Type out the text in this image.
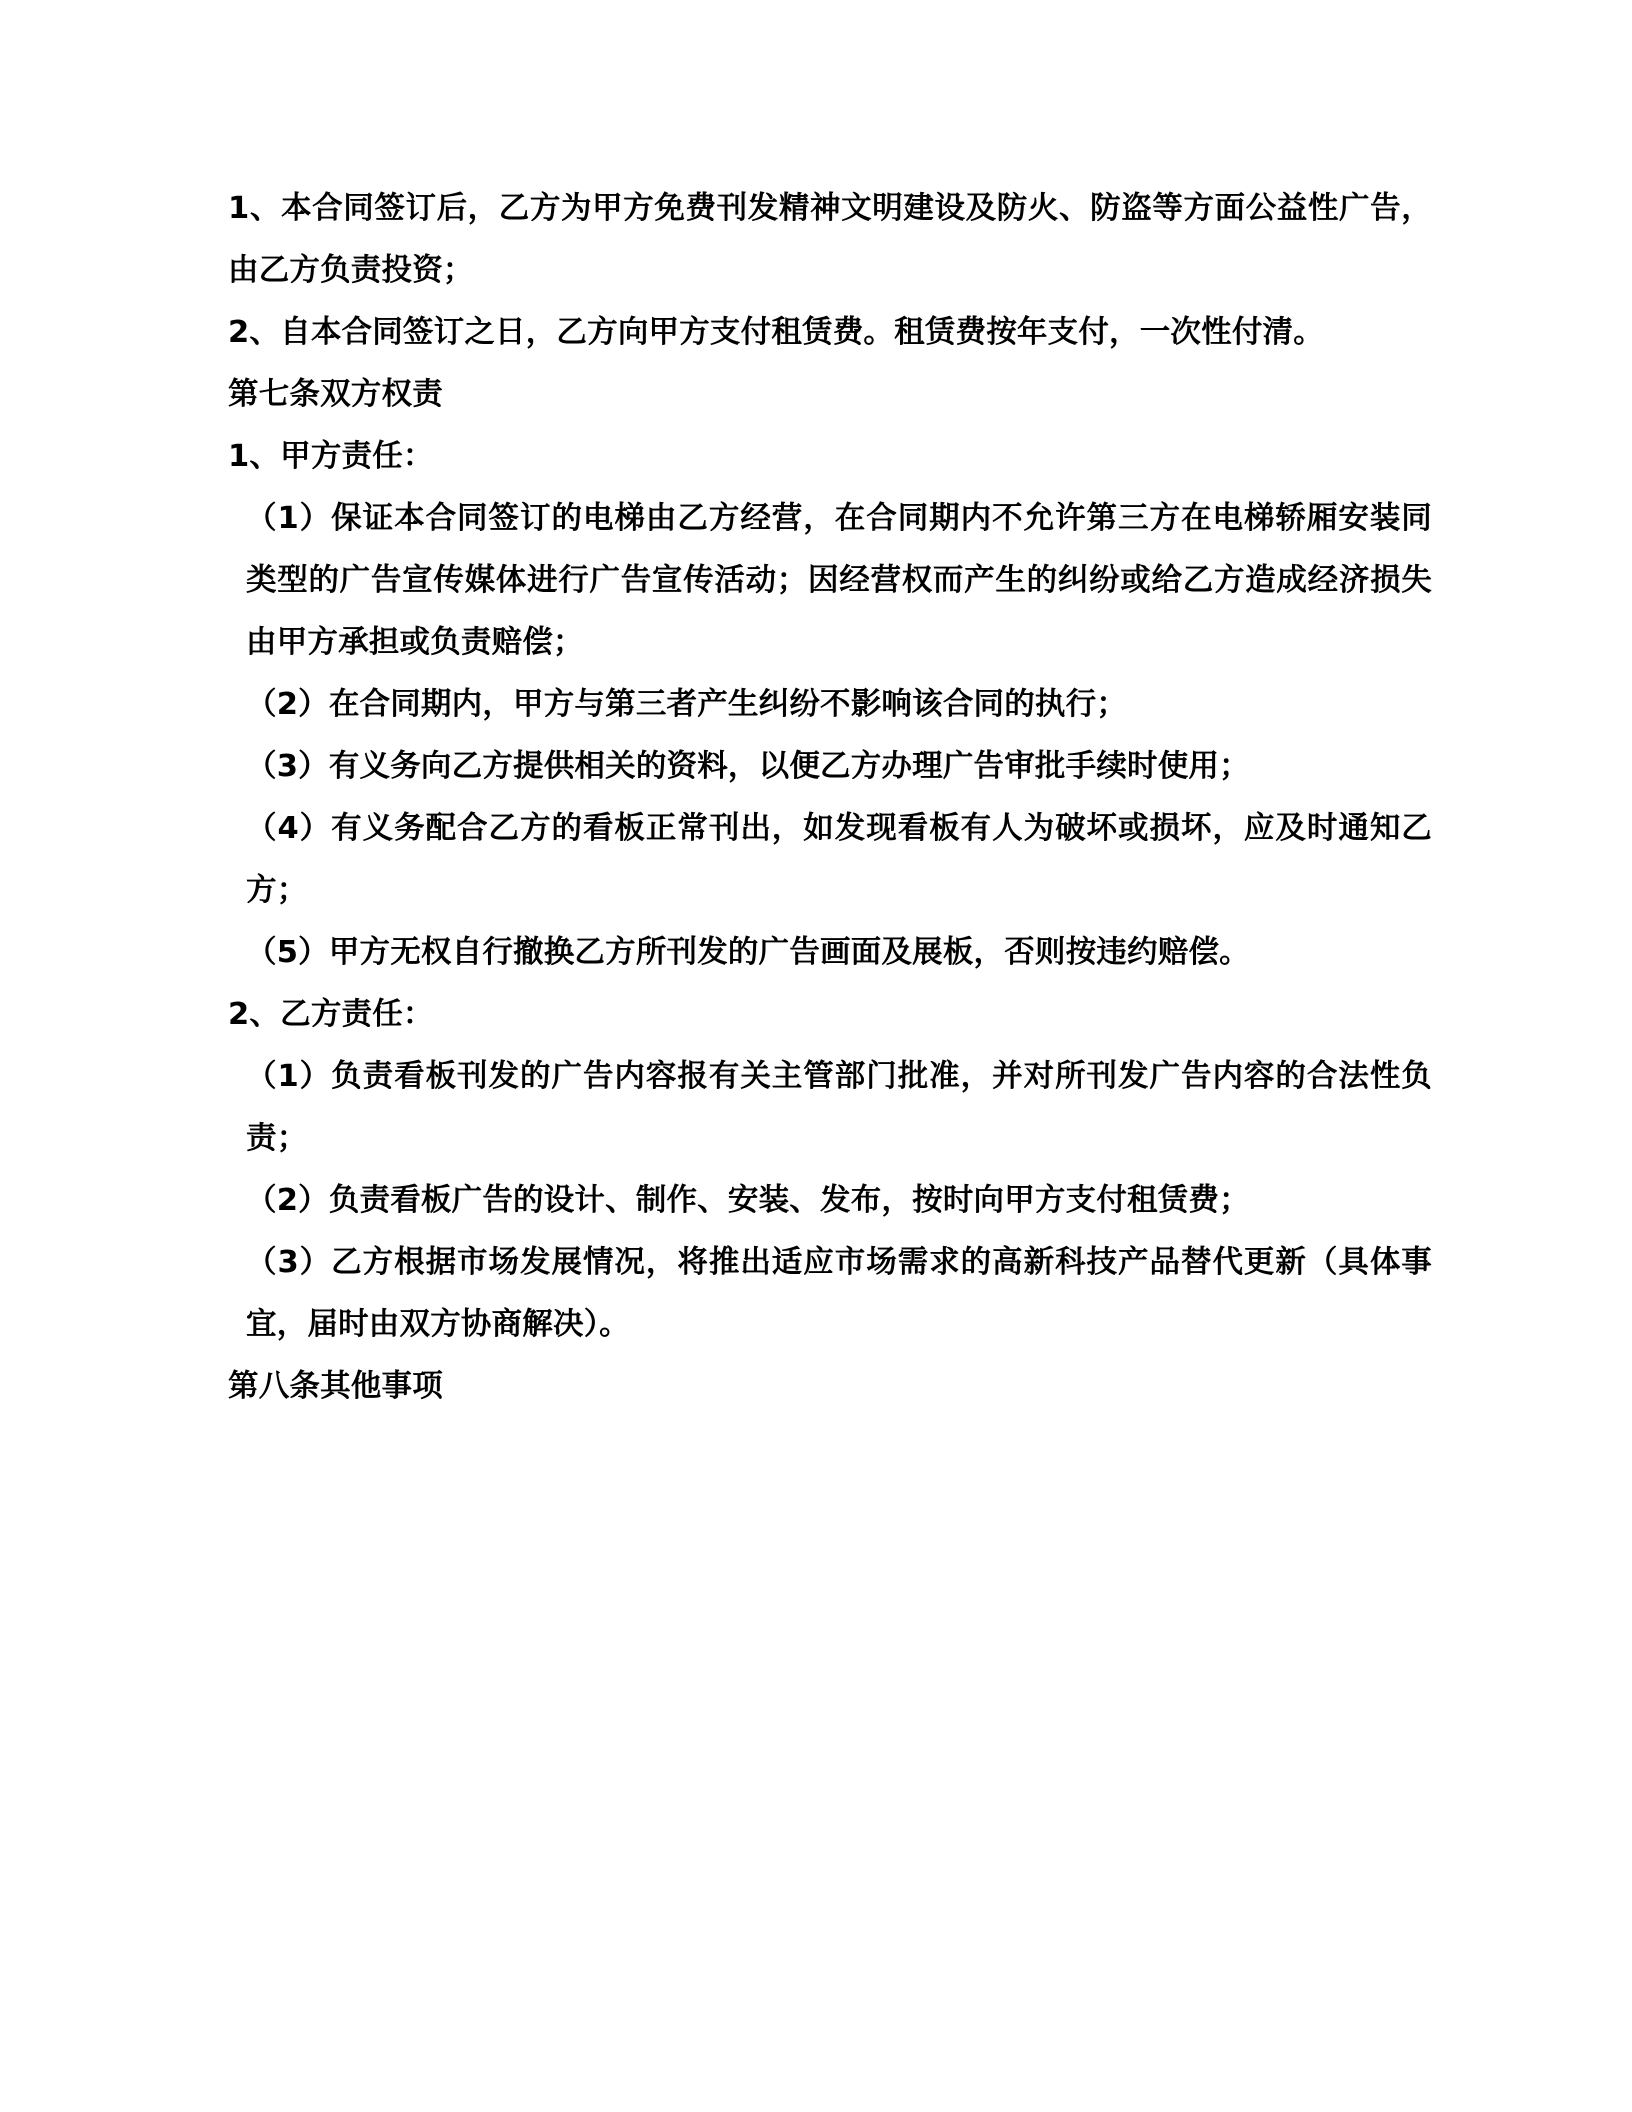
1、本合同签订后，乙方为甲方免费刊发精神文明建设及防火、防盗等方面公益性广告，由乙方负责投资；

2、自本合同签订之日，乙方向甲方支付租赁费。租赁费按年支付，一次性付清。

第七条双方权责

1、甲方责任：

（1）保证本合同签订的电梯由乙方经营，在合同期内不允许第三方在电梯轿厢安装同类型的广告宣传媒体进行广告宣传活动；因经营权而产生的纠纷或给乙方造成经济损失由甲方承担或负责赔偿；

（2）在合同期内，甲方与第三者产生纠纷不影响该合同的执行；

（3）有义务向乙方提供相关的资料，以便乙方办理广告审批手续时使用；

（4）有义务配合乙方的看板正常刊出，如发现看板有人为破坏或损坏，应及时通知乙方；

（5）甲方无权自行撤换乙方所刊发的广告画面及展板，否则按违约赔偿。

2、乙方责任：

（1）负责看板刊发的广告内容报有关主管部门批准，并对所刊发广告内容的合法性负责；

（2）负责看板广告的设计、制作、安装、发布，按时向甲方支付租赁费；

（3）乙方根据市场发展情况，将推出适应市场需求的高新科技产品替代更新（具体事宜，届时由双方协商解决）。

第八条其他事项
